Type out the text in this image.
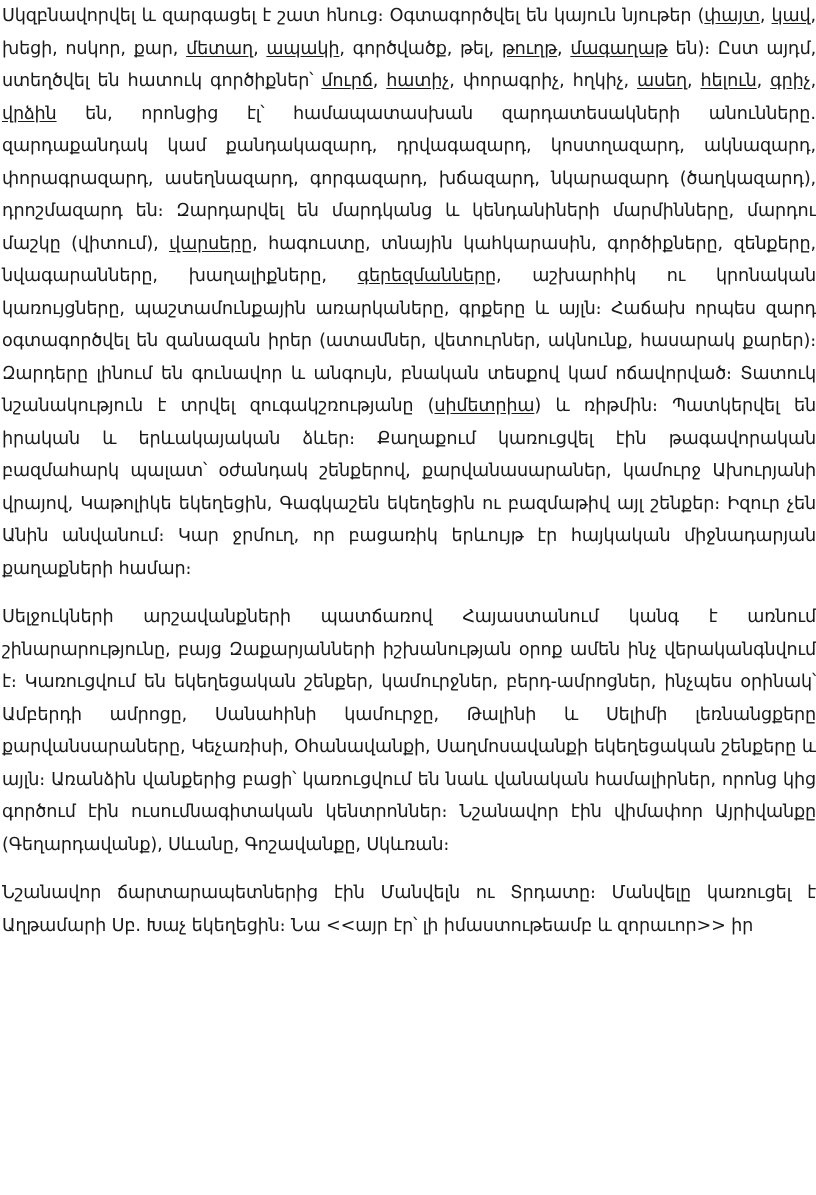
Սկզբնավորվել և զարգացել է շատ հնուց։ Օգտագործվել են կայուն նյութեր (փայտ, կավ, խեցի, ոսկոր, քար, մետաղ, ապակի, գործվածք, թել, թուղթ, մագաղաթ են)։ Ըստ այդմ, ստեղծվել են հատուկ գործիքներ՝ մուրճ, հատիչ, փորագրիչ, հղկիչ, ասեղ, հելուն, գրիչ, վրձին են, որոնցից էլ՝ համապատասխան զարդատեսակների անունները․ զարդաքանդակ կամ քանդակազարդ, դրվագազարդ, կոստղազարդ, ակնազարդ, փորագրազարդ, ասեղնազարդ, գորգազարդ, խճազարդ, նկարազարդ (ծաղկազարդ), դրոշմազարդ են։ Զարդարվել են մարդկանց և կենդանիների մարմինները, մարդու մաշկը (վիտում), վարսերը, հագուստը, տնային կահկարասին, գործիքները, զենքերը, նվագարանները, խաղալիքները, գերեզմանները, աշխարհիկ ու կրոնական կառույցները, պաշտամունքային առարկաները, գրքերը և այլն։ Հաճախ որպես զարդ օգտագործվել են զանազան իրեր (ատամներ, վետուրներ, ակնունք, հասարակ քարեր)։ Զարդերը լինում են գունավոր և անգույն, բնական տեսքով կամ ոճավորված։ Տատուկ նշանակություն է տրվել զուգակշռությանը (սիմետրիա) և ռիթմին։ Պատկերվել են իրական և երևակայական ձևեր։ Քաղաքում կառուցվել էին թագավորական բազմահարկ պալատ՝ օժանդակ շենքերով, քարվանասարաներ, կամուրջ Ախուրյանի վրայով, Կաթոլիկե եկեղեցին, Գագկաշեն եկեղեցին ու բազմաթիվ այլ շենքեր։ Իզուր չեն Անին անվանում։ Կար ջրմուղ, որ բացառիկ երևույթ էր հայկական միջնադարյան քաղաքների համար։

Սելջուկների արշավանքների պատճառով Հայաստանում կանգ է առնում շինարարությունը, բայց Զաքարյանների իշխանության օրոք ամեն ինչ վերականգնվում է։ Կառուցվում են եկեղեցական շենքեր, կամուրջներ, բերդ-ամրոցներ, ինչպես օրինակ՝ Ամբերդի ամրոցը, Սանահինի կամուրջը, Թալինի և Սելիմի լեռնանցքերը քարվանսարաները, Կեչառիսի, Օհանավանքի, Սաղմոսավանքի եկեղեցական շենքերը և այլն։ Առանձին վանքերից բացի՝ կառուցվում են նաև վանական համալիրներ, որոնց կից գործում էին ուսումնագիտական կենտրոններ։ Նշանավոր էին վիմափոր Այրիվանքը (Գեղարդավանք), Սևանը, Գոշավանքը, Սկևռան։

Նշանավոր ճարտարապետներից էին Մանվելն ու Տրդատը։ Մանվելը կառուցել է Աղթամարի Սբ. Խաչ եկեղեցին։ Նա <<այր էր՝ լի իմաստութեամբ և զորաւոր>> իր
